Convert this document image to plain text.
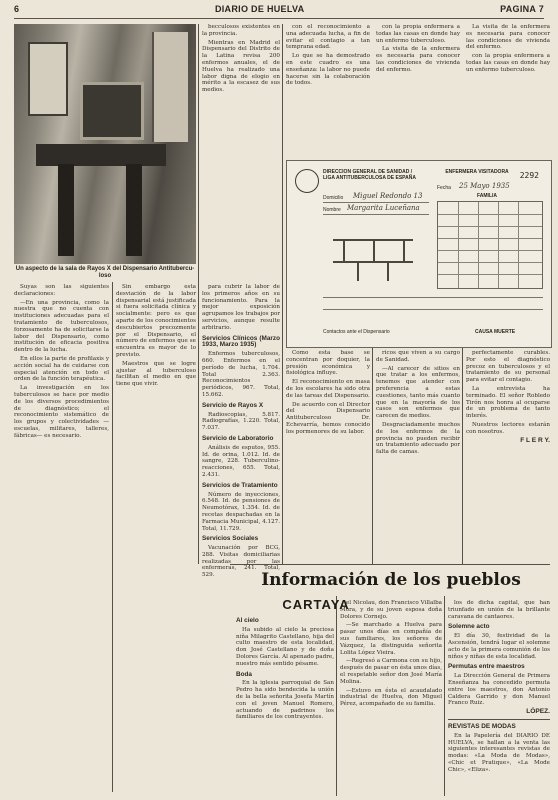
6	DIARIO DE HUELVA	PAGINA 7
Un aspecto de la sala de Rayos X del Dispensario Antitubercu-loso

Suyas son las siguientes declaraciones:

—En una provincia, como la nuestra que no cuenta con instituciones adecuadas para el tratamiento de tuberculosos, forzosamente ha de solicitarse la labor del Dispensario, como institución de eficacia positiva dentro de la lucha.

En ellos la parte de profilaxis y acción social ha de cuidarse con especial atención en todo el orden de la función terapéutica.

La investigación en los tuberculosos se hace por medio de los diversos procedimientos de diagnóstico; el reconocimiento sistemático de los grupos y colectividades —escuelas, militares, talleres, fábricas— es necesario.

Sin embargo esta desviación de la labor dispensarial está justificada si fuera solicitada clínica y socialmente: pero es que aparte de los conocimientos descubiertos precozmente por el Dispensario, el número de enfermos que se encuentra es mayor de lo previsto.

Maestros que se logre ajustar al tuberculoso facilitan el medio en que tiene que vivir.

para cubrir la labor de los primeros años en su funcionamiento. Para la mejor exposición agrupamos los trabajos por servicios, aunque resulte arbitrario.

Servicios Clínicos (Marzo 1933, Marzo 1935)

Enfermos tuberculosos, 660. Enfermos en el período de lucha, 1.704. Total 2.363. Reconocimientos periódicos, 967. Total, 15.662.

Servicio de Rayos X

Radioscopias, 5.817. Radiografías, 1.220. Total, 7.037.

Servicio de Laboratorio

Análisis de esputos, 955. Id. de orina, 1.012. Id. de sangre, 228. Tuberculino-reacciones, 655. Total, 2.431.

Servicios de Tratamiento

Número de inyecciones, 6.548. Id. de pensiones de Neumotórax, 1.354. Id. de recetas despachadas en la Farmacia Municipal, 4.127. Total, 11.729.

Servicios Sociales

Vacunación por BCG, 288. Visitas domiciliarias realizadas por las enfermeras, 241. Total, 529.

becculosos existentes en la provincia.

Mientras en Madrid el Dispensario del Distrito de la Latina revisa 200 enfermos anuales, el de Huelva ha realizado una labor digna de elogio en mérito a la escasez de sus medios.

con el reconocimiento a una adecuada lucha, a fin de evitar el contagio a tan temprana edad.

Lo que se ha demostrado en este cuadro es una enseñanza: la labor no puede hacerse sin la colaboración de todos.

con la propia enfermera a todas las casas en donde hay un enfermo tuberculoso.

La visita de la enfermera es necesaria para conocer las condiciones de vivienda del enfermo.

La visita de la enfermera es necesaria para conocer las condiciones de vivienda del enfermo.

con la propia enfermera a todas las casas en donde hay un enfermo tuberculoso.

DIRECCION GENERAL DE SANIDAD / LIGA ANTITUBERCULOSA DE ESPAÑA
ENFERMERA VISITADORA	2292
Fecha 25 Mayo 1935
Domicilio Miguel Redondo 13
Nombre Margarita Luceñana
FAMILIA
Contactos ante el Dispensario	CAUSA MUERTE

Como esta base se concentran por doquier, la presión económica y fisiológica influye.

El reconocimiento en masa de los escolares ha sido otra de las tareas del Dispensario.

De acuerdo con el Director del Dispensario Antituberculoso Dr. Echevarría, hemos conocido los pormenores de su labor.

ricos que viven a su cargo de Sanidad.

—Al carecer de sitios en que tratar a los enfermos, tenemos que atender con preferencia a estas cuestiones, tanto más cuanto que en la mayoría de los casos son enfermos que carecen de medios.

Desgraciadamente muchos de los enfermos de la provincia no pueden recibir un tratamiento adecuado por falta de camas.

perfectamente curables. Por esto el diagnóstico precoz en tuberculosos y el tratamiento de su personal para evitar el contagio.

La entrevista ha terminado. El señor Robledo Tirón nos honra al ocuparse de un problema de tanto interés.

Nuestros lectores estarán con nosotros.

F L E R Y.

Información de los pueblos
CARTAYA
Al cielo

Ha subido al cielo la preciosa niña Milagrito Castellano, hija del culto maestro de esta localidad, don José Castellano y de doña Dolores García. Al apenado padre, nuestro más sentido pésame.

Boda

En la iglesia parroquial de San Pedro ha sido bendecida la unión de la bella señorita Josefa Martín con el joven Manuel Romero, actuando de padrinos los familiares de los contrayentes.

el Nicolau, don Francisco Villalba Mora, y de su joven esposa doña Dolores Cornejo.

—Se marchado a Huelva para pasar unos días en compañía de sus familiares, los señores de Vázquez, la distinguida señorita Lolita López Vieira.

—Regresó a Carmona con su hijo, después de pasar en ésta unos días, el respetable señor don José María Molina.

—Estuvo en ésta el acaudalado industrial de Huelva, don Miguel Pérez, acompañado de su familia.

los de dicha capital, que han triunfado en unión de la brillante caravana de cantaores.

Solemne acto

El día 30, festividad de la Ascensión, tendrá lugar el solemne acto de la primera comunión de los niños y niñas de esta localidad.

Permutas entre maestros

La Dirección General de Primera Enseñanza ha concedido permuta entre los maestros, don Antonio Caldera Garrido y don Manuel Franco Ruiz.

LÓPEZ.

REVISTAS DE MODAS

En la Papelería del DIARIO DE HUELVA, se hallan a la venta las siguientes interesantes revistas de modas: «La Moda de Modas», «Chic et Pratique», «La Mode Chic», «Eliza».
